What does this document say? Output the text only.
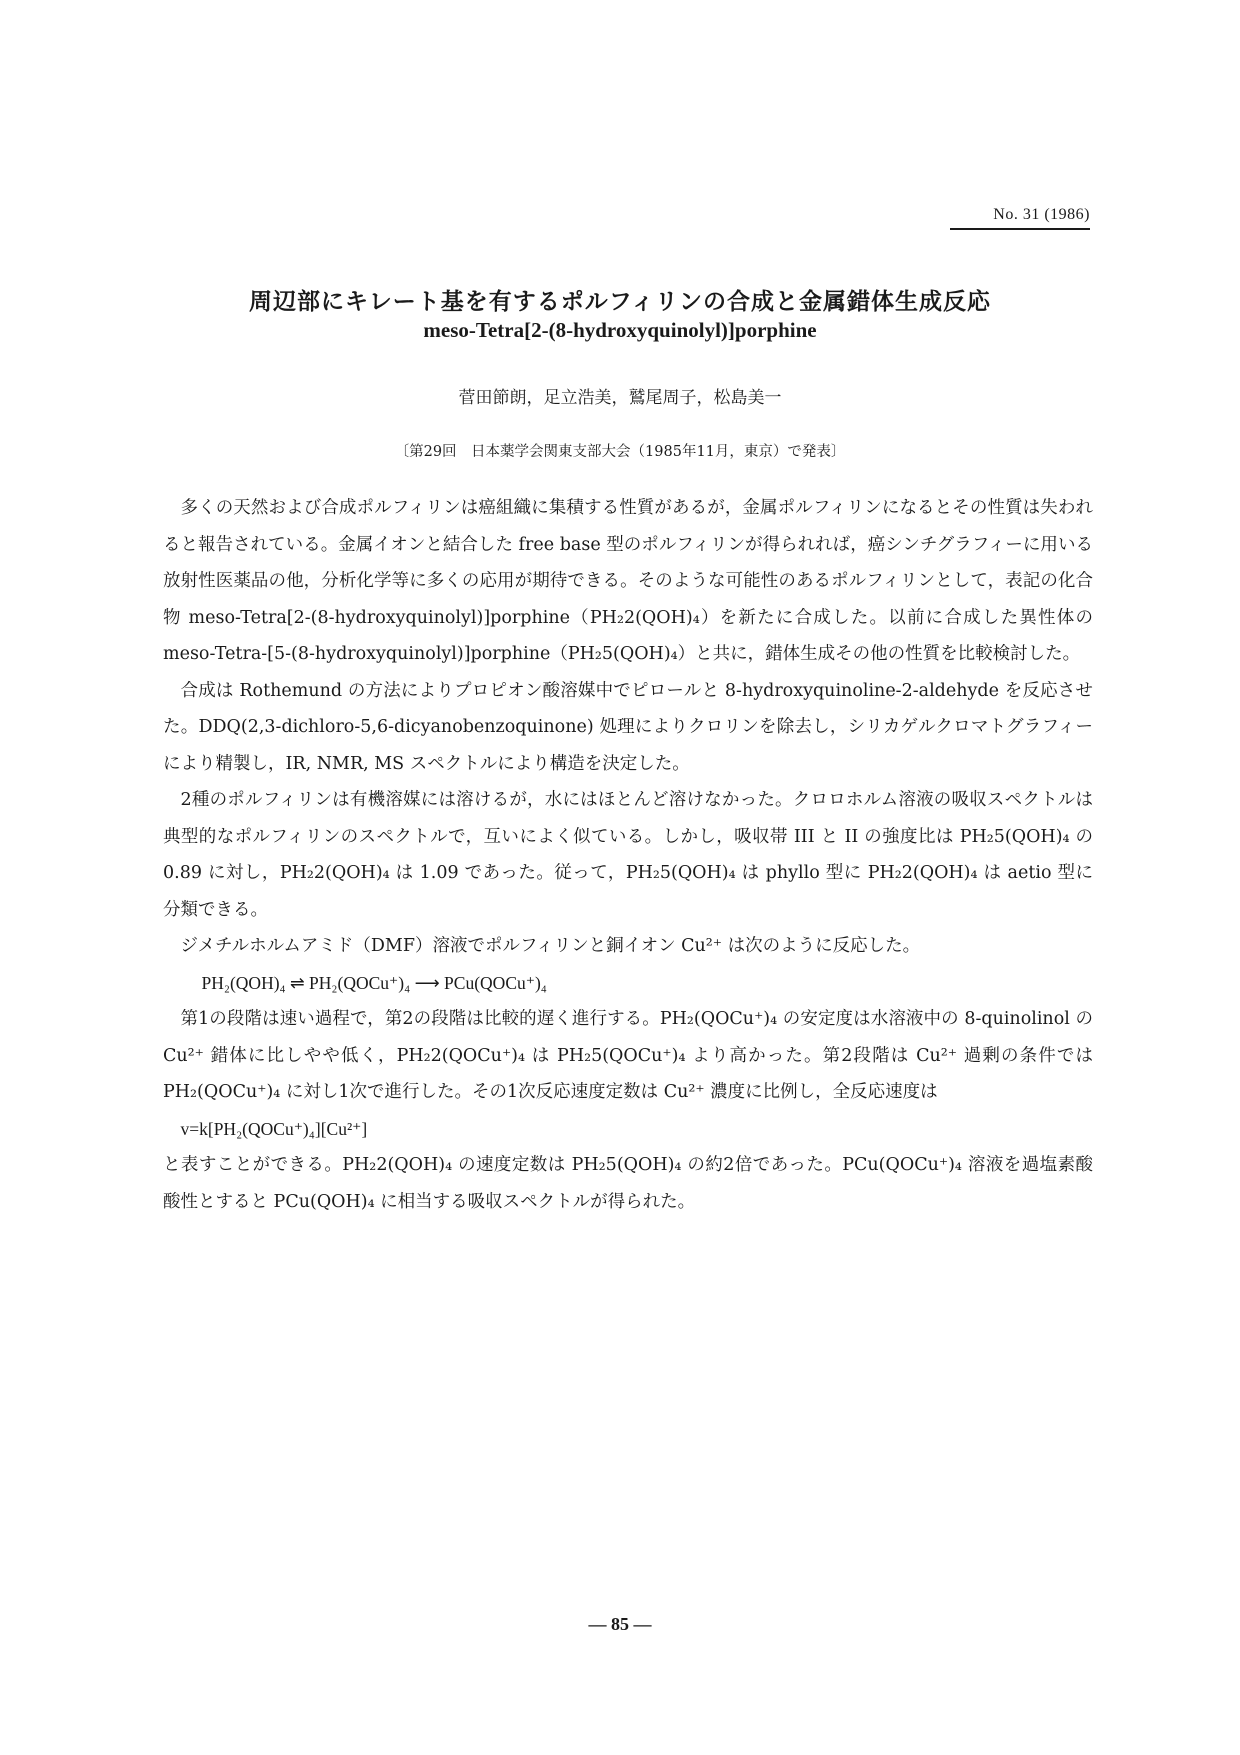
No. 31 (1986)
周辺部にキレート基を有するポルフィリンの合成と金属錯体生成反応
meso-Tetra[2-(8-hydroxyquinolyl)]porphine
菅田節朗，足立浩美，鷲尾周子，松島美一
〔第29回　日本薬学会関東支部大会（1985年11月，東京）で発表〕

多くの天然および合成ポルフィリンは癌組織に集積する性質があるが，金属ポルフィリンになるとその性質は失われると報告されている。金属イオンと結合した free base 型のポルフィリンが得られれば，癌シンチグラフィーに用いる放射性医薬品の他，分析化学等に多くの応用が期待できる。そのような可能性のあるポルフィリンとして，表記の化合物 meso-Tetra[2-(8-hydroxyquinolyl)]porphine（PH₂2(QOH)₄）を新たに合成した。以前に合成した異性体の meso-Tetra-[5-(8-hydroxyquinolyl)]porphine（PH₂5(QOH)₄）と共に，錯体生成その他の性質を比較検討した。

合成は Rothemund の方法によりプロピオン酸溶媒中でピロールと 8-hydroxyquinoline-2-aldehyde を反応させた。DDQ(2,3-dichloro-5,6-dicyanobenzoquinone) 処理によりクロリンを除去し，シリカゲルクロマトグラフィーにより精製し，IR, NMR, MS スペクトルにより構造を決定した。

2種のポルフィリンは有機溶媒には溶けるが，水にはほとんど溶けなかった。クロロホルム溶液の吸収スペクトルは典型的なポルフィリンのスペクトルで，互いによく似ている。しかし，吸収帯 III と II の強度比は PH₂5(QOH)₄ の 0.89 に対し，PH₂2(QOH)₄ は 1.09 であった。従って，PH₂5(QOH)₄ は phyllo 型に PH₂2(QOH)₄ は aetio 型に分類できる。

ジメチルホルムアミド（DMF）溶液でポルフィリンと銅イオン Cu²⁺ は次のように反応した。

PH₂(QOH)₄ ⇌ PH₂(QOCu⁺)₄ ⟶ PCu(QOCu⁺)₄

第1の段階は速い過程で，第2の段階は比較的遅く進行する。PH₂(QOCu⁺)₄ の安定度は水溶液中の 8-quinolinol の Cu²⁺ 錯体に比しやや低く，PH₂2(QOCu⁺)₄ は PH₂5(QOCu⁺)₄ より高かった。第2段階は Cu²⁺ 過剰の条件では PH₂(QOCu⁺)₄ に対し1次で進行した。その1次反応速度定数は Cu²⁺ 濃度に比例し，全反応速度は

v=k[PH₂(QOCu⁺)₄][Cu²⁺]

と表すことができる。PH₂2(QOH)₄ の速度定数は PH₂5(QOH)₄ の約2倍であった。PCu(QOCu⁺)₄ 溶液を過塩素酸酸性とすると PCu(QOH)₄ に相当する吸収スペクトルが得られた。

— 85 —
